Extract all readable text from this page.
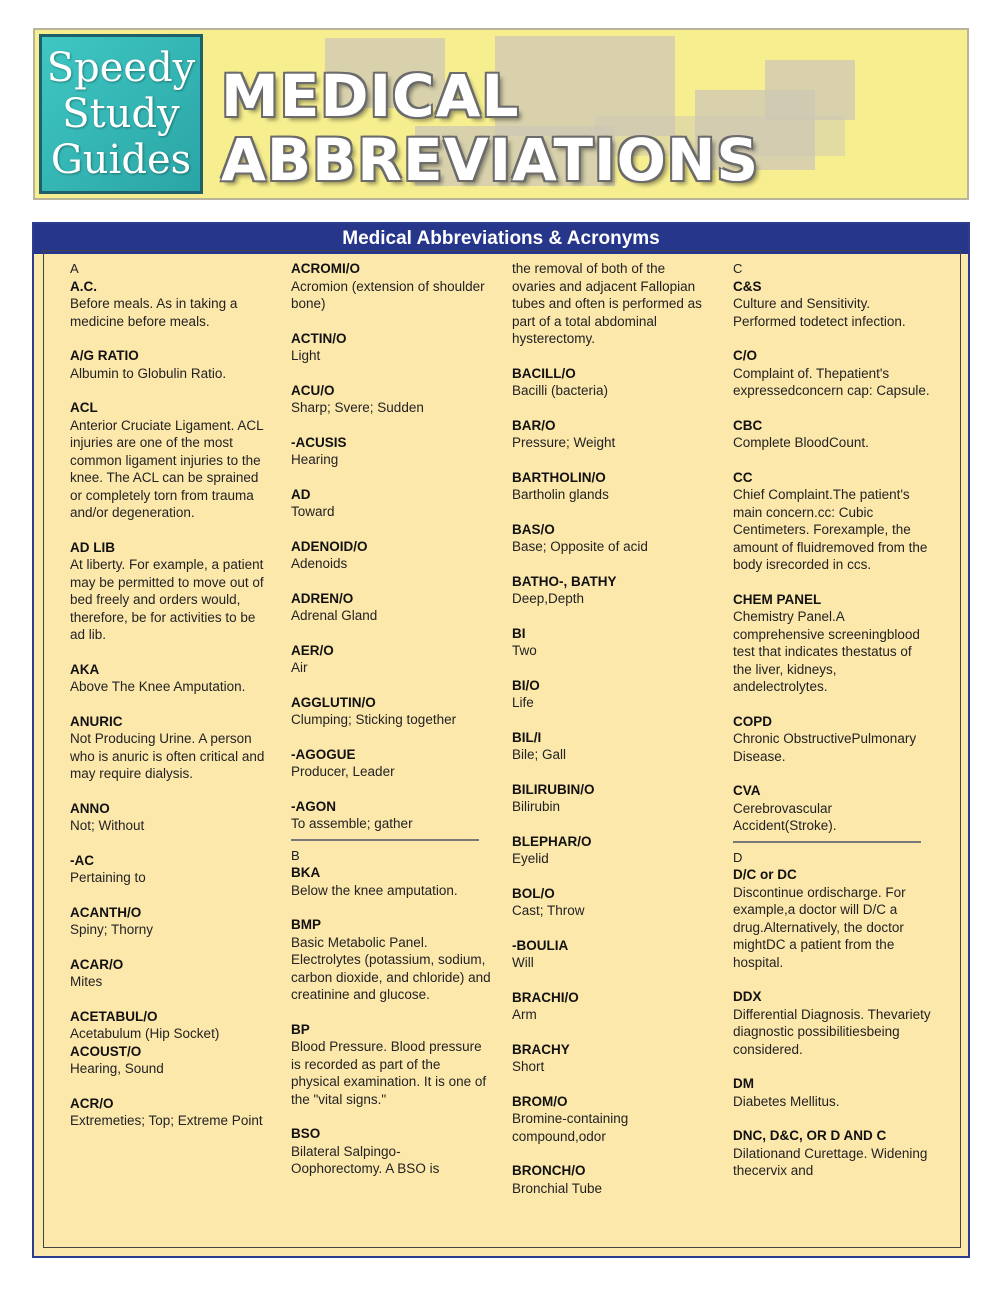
Speedy
Study
Guides
MEDICAL
ABBREVIATIONS
Medical Abbreviations & Acronyms
A
A.C.
Before meals. As in taking a medicine before meals.
A/G RATIO
Albumin to Globulin Ratio.
ACL
Anterior Cruciate Ligament. ACL injuries are one of the most common ligament injuries to the knee. The ACL can be sprained or completely torn from trauma and/or degeneration.
AD LIB
At liberty. For example, a patient may be permitted to move out of bed freely and orders would, therefore, be for activities to be ad lib.
AKA
Above The Knee Amputation.
ANURIC
Not Producing Urine. A person who is anuric is often critical and may require dialysis.
ANNO
Not; Without
-AC
Pertaining to
ACANTH/O
Spiny; Thorny
ACAR/O
Mites
ACETABUL/O
Acetabulum (Hip Socket)
ACOUST/O
Hearing, Sound
ACR/O
Extremeties; Top; Extreme Point
ACROMI/O
Acromion (extension of shoulder bone)
ACTIN/O
Light
ACU/O
Sharp; Svere; Sudden
-ACUSIS
Hearing
AD
Toward
ADENOID/O
Adenoids
ADREN/O
Adrenal Gland
AER/O
Air
AGGLUTIN/O
Clumping; Sticking together
-AGOGUE
Producer, Leader
-AGON
To assemble; gather
B
BKA
Below the knee amputation.
BMP
Basic Metabolic Panel. Electrolytes (potassium, sodium, carbon dioxide, and chloride) and creatinine and glucose.
BP
Blood Pressure. Blood pressure is recorded as part of the physical examination. It is one of the "vital signs."
BSO
Bilateral Salpingo-Oophorectomy. A BSO is
the removal of both of the ovaries and adjacent Fallopian tubes and often is performed as part of a total abdominal hysterectomy.
BACILL/O
Bacilli (bacteria)
BAR/O
Pressure; Weight
BARTHOLIN/O
Bartholin glands
BAS/O
Base; Opposite of acid
BATHO-, BATHY
Deep,Depth
BI
Two
BI/O
Life
BIL/I
Bile; Gall
BILIRUBIN/O
Bilirubin
BLEPHAR/O
Eyelid
BOL/O
Cast; Throw
-BOULIA
Will
BRACHI/O
Arm
BRACHY
Short
BROM/O
Bromine-containing compound,odor
BRONCH/O
Bronchial Tube
C
C&S
Culture and Sensitivity. Performed todetect infection.
C/O
Complaint of. Thepatient's expressedconcern cap: Capsule.
CBC
Complete BloodCount.
CC
Chief Complaint.The patient's main concern.cc: Cubic Centimeters. Forexample, the amount of fluidremoved from the body isrecorded in ccs.
CHEM PANEL
Chemistry Panel.A comprehensive screeningblood test that indicates thestatus of the liver, kidneys, andelectrolytes.
COPD
Chronic ObstructivePulmonary Disease.
CVA
Cerebrovascular Accident(Stroke).
D
D/C or DC
Discontinue ordischarge. For example,a doctor will D/C a drug.Alternatively, the doctor mightDC a patient from the hospital.
DDX
Differential Diagnosis. Thevariety diagnostic possibilitiesbeing considered.
DM
Diabetes Mellitus.
DNC, D&C, OR D AND C
Dilationand Curettage. Widening thecervix and
